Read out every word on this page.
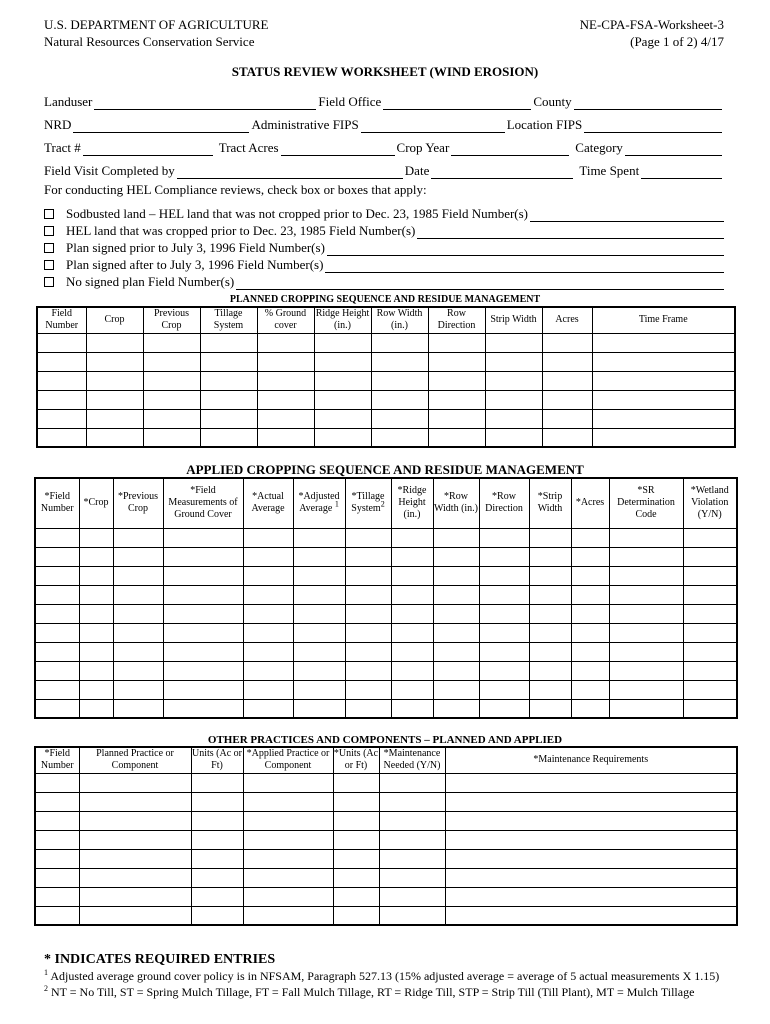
U.S. DEPARTMENT OF AGRICULTURE
Natural Resources Conservation Service
NE-CPA-FSA-Worksheet-3
(Page 1 of 2) 4/17
STATUS REVIEW WORKSHEET (WIND EROSION)
Landuser	Field Office	County
NRD	Administrative FIPS	Location FIPS
Tract #	Tract Acres	Crop Year	Category
Field Visit Completed by	Date	Time Spent
For conducting HEL Compliance reviews, check box or boxes that apply:
Sodbusted land – HEL land that was not cropped prior to Dec. 23, 1985 Field Number(s)
HEL land that was cropped prior to Dec. 23, 1985 Field Number(s)
Plan signed prior to July 3, 1996 Field Number(s)
Plan signed after to July 3, 1996 Field Number(s)
No signed plan Field Number(s)
PLANNED CROPPING SEQUENCE AND RESIDUE MANAGEMENT
Field Number	Crop	Previous Crop	Tillage System	% Ground cover	Ridge Height (in.)	Row Width (in.)	Row Direction	Strip Width	Acres	Time Frame

APPLIED CROPPING SEQUENCE AND RESIDUE MANAGEMENT
*Field Number	*Crop	*Previous Crop	*Field Measurements of Ground Cover	*Actual Average	*Adjusted Average $^1$	*Tillage System$^2$	*Ridge Height (in.)	*Row Width (in.)	*Row Direction	*Strip Width	*Acres	*SR Determination Code	*Wetland Violation (Y/N)

OTHER PRACTICES AND COMPONENTS – PLANNED AND APPLIED
*Field Number	Planned Practice or Component	Units (Ac or Ft)	*Applied Practice or Component	*Units (Ac or Ft)	*Maintenance Needed (Y/N)	*Maintenance Requirements

* INDICATES REQUIRED ENTRIES
$^1$ Adjusted average ground cover policy is in NFSAM, Paragraph 527.13 (15% adjusted average = average of 5 actual measurements X 1.15)
$^2$ NT = No Till, ST = Spring Mulch Tillage, FT = Fall Mulch Tillage, RT = Ridge Till, STP = Strip Till (Till Plant), MT = Mulch Tillage
